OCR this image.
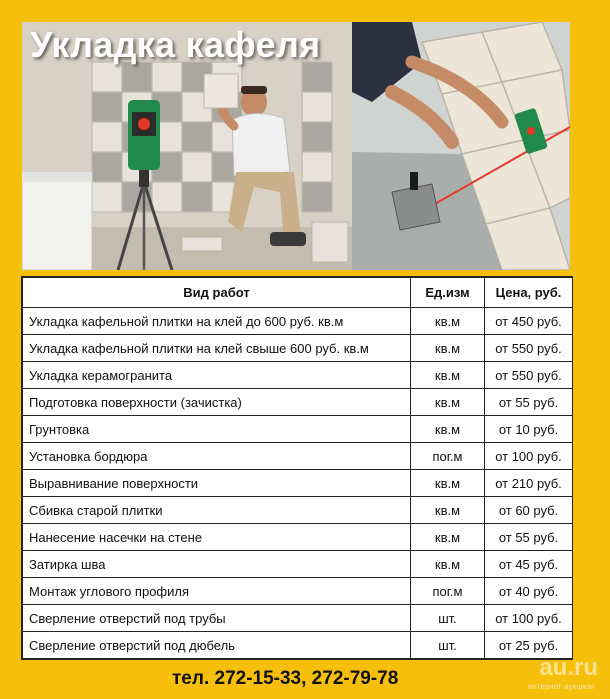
Укладка кафеля
Вид работ	Ед.изм	Цена, руб.
Укладка кафельной плитки на клей до 600 руб. кв.м	кв.м	от 450 руб.
Укладка кафельной плитки на клей свыше 600 руб. кв.м	кв.м	от 550 руб.
Укладка керамогранита	кв.м	от 550 руб.
Подготовка поверхности (зачистка)	кв.м	от 55 руб.
Грунтовка	кв.м	от 10 руб.
Установка бордюра	пог.м	от 100 руб.
Выравнивание поверхности	кв.м	от 210 руб.
Сбивка старой плитки	кв.м	от 60 руб.
Нанесение насечки на стене	кв.м	от 55 руб.
Затирка шва	кв.м	от 45 руб.
Монтаж углового профиля	пог.м	от 40 руб.
Сверление отверстий под трубы	шт.	от 100 руб.
Сверление отверстий под дюбель	шт.	от 25 руб.

тел. 272-15-33, 272-79-78	au.ru
интернет-аукцион
